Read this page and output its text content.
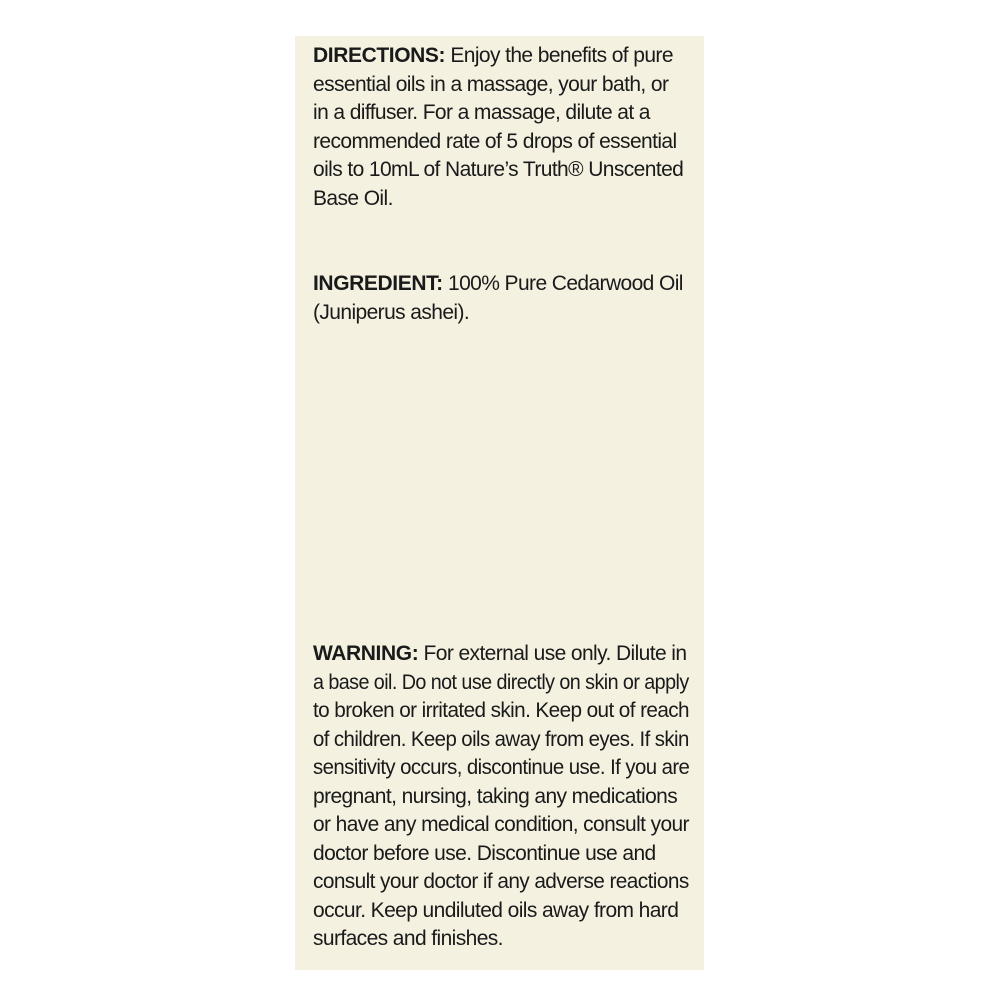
DIRECTIONS: Enjoy the benefits of pure
essential oils in a massage, your bath, or
in a diffuser. For a massage, dilute at a
recommended rate of 5 drops of essential
oils to 10mL of Nature’s Truth® Unscented
Base Oil.

INGREDIENT: 100% Pure Cedarwood Oil
(Juniperus ashei).

WARNING: For external use only. Dilute in
a base oil. Do not use directly on skin or apply
to broken or irritated skin. Keep out of reach
of children. Keep oils away from eyes. If skin
sensitivity occurs, discontinue use. If you are
pregnant, nursing, taking any medications
or have any medical condition, consult your
doctor before use. Discontinue use and
consult your doctor if any adverse reactions
occur. Keep undiluted oils away from hard
surfaces and finishes.
